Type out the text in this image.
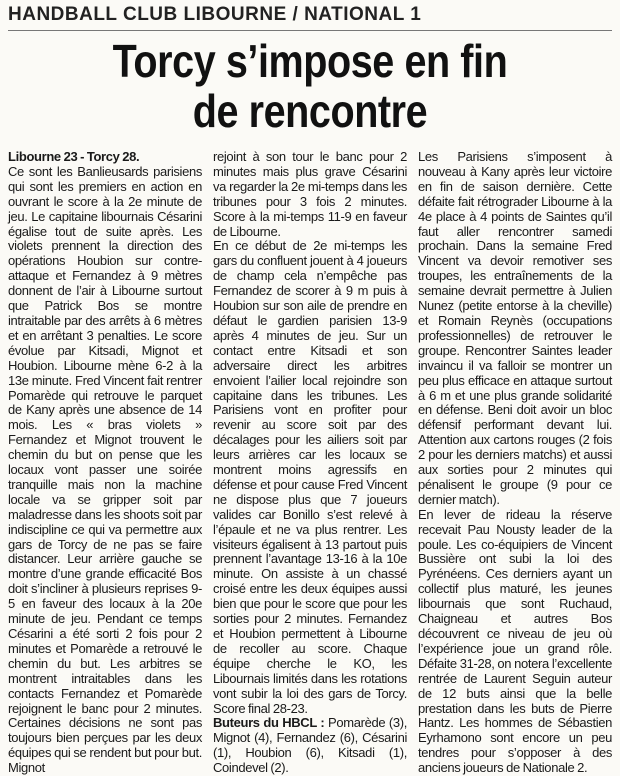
HANDBALL CLUB LIBOURNE / NATIONAL 1
Torcy s’impose en fin
de rencontre

Libourne 23 - Torcy 28.

Ce sont les Banlieusards parisiens qui sont les premiers en action en ouvrant le score à la 2e minute de jeu. Le capitaine libournais Césarini égalise tout de suite après. Les violets prennent la direction des opérations Houbion sur contre-attaque et Fernandez à 9 mètres donnent de l’air à Libourne surtout que Patrick Bos se montre intraitable par des arrêts à 6 mètres et en arrêtant 3 penalties. Le score évolue par Kitsadi, Mignot et Houbion. Libourne mène 6-2 à la 13e minute. Fred Vincent fait rentrer Pomarède qui retrouve le parquet de Kany après une absence de 14 mois. Les « bras violets » Fernandez et Mignot trouvent le chemin du but on pense que les locaux vont passer une soirée tranquille mais non la machine locale va se gripper soit par maladresse dans les shoots soit par indiscipline ce qui va permettre aux gars de Torcy de ne pas se faire distancer. Leur arrière gauche se montre d’une grande efficacité Bos doit s’incliner à plusieurs reprises 9-5 en faveur des locaux à la 20e minute de jeu. Pendant ce temps Césarini a été sorti 2 fois pour 2 minutes et Pomarède a retrouvé le chemin du but. Les arbitres se montrent intraitables dans les contacts Fernandez et Pomarède rejoignent le banc pour 2 minutes. Certaines décisions ne sont pas toujours bien perçues par les deux équipes qui se rendent but pour but. Mignot

rejoint à son tour le banc pour 2 minutes mais plus grave Césarini va regarder la 2e mi-temps dans les tribunes pour 3 fois 2 minutes. Score à la mi-temps 11-9 en faveur de Libourne.

En ce début de 2e mi-temps les gars du confluent jouent à 4 joueurs de champ cela n’empêche pas Fernandez de scorer à 9 m puis à Houbion sur son aile de prendre en défaut le gardien parisien 13-9 après 4 minutes de jeu. Sur un contact entre Kitsadi et son adversaire direct les arbitres envoient l’ailier local rejoindre son capitaine dans les tribunes. Les Parisiens vont en profiter pour revenir au score soit par des décalages pour les ailiers soit par leurs arrières car les locaux se montrent moins agressifs en défense et pour cause Fred Vincent ne dispose plus que 7 joueurs valides car Bonillo s’est relevé à l’épaule et ne va plus rentrer. Les visiteurs égalisent à 13 partout puis prennent l’avantage 13-16 à la 10e minute. On assiste à un chassé croisé entre les deux équipes aussi bien que pour le score que pour les sorties pour 2 minutes. Fernandez et Houbion permettent à Libourne de recoller au score. Chaque équipe cherche le KO, les Libournais limités dans les rotations vont subir la loi des gars de Torcy. Score final 28-23.

Buteurs du HBCL : Pomarède (3), Mignot (4), Fernandez (6), Césarini (1), Houbion (6), Kitsadi (1), Coindevel (2).

Les Parisiens s’imposent à nouveau à Kany après leur victoire en fin de saison dernière. Cette défaite fait rétrograder Libourne à la 4e place à 4 points de Saintes qu’il faut aller rencontrer samedi prochain. Dans la semaine Fred Vincent va devoir remotiver ses troupes, les entraînements de la semaine devrait permettre à Julien Nunez (petite entorse à la cheville) et Romain Reynès (occupations professionnelles) de retrouver le groupe. Rencontrer Saintes leader invaincu il va falloir se montrer un peu plus efficace en attaque surtout à 6 m et une plus grande solidarité en défense. Beni doit avoir un bloc défensif performant devant lui. Attention aux cartons rouges (2 fois 2 pour les derniers matchs) et aussi aux sorties pour 2 minutes qui pénalisent le groupe (9 pour ce dernier match).

En lever de rideau la réserve recevait Pau Nousty leader de la poule. Les co-équipiers de Vincent Bussière ont subi la loi des Pyrénéens. Ces derniers ayant un collectif plus maturé, les jeunes libournais que sont Ruchaud, Chaigneau et autres Bos découvrent ce niveau de jeu où l’expérience joue un grand rôle. Défaite 31-28, on notera l’excellente rentrée de Laurent Seguin auteur de 12 buts ainsi que la belle prestation dans les buts de Pierre Hantz. Les hommes de Sébastien Eyrhamono sont encore un peu tendres pour s’opposer à des anciens joueurs de Nationale 2.
